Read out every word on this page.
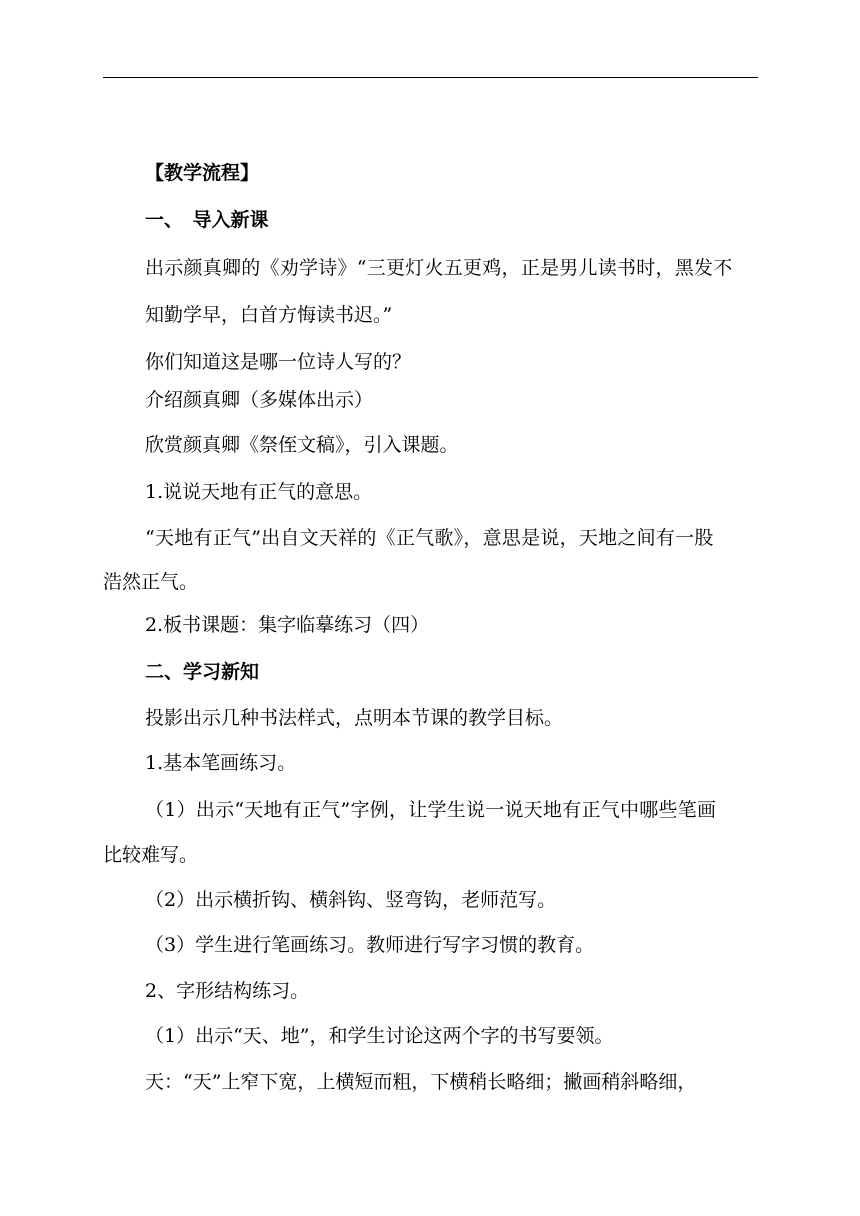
【教学流程】
一、　导入新课
出示颜真卿的《劝学诗》“三更灯火五更鸡，正是男儿读书时，黑发不
知勤学早，白首方悔读书迟。”
你们知道这是哪一位诗人写的？
介绍颜真卿（多媒体出示）
欣赏颜真卿《祭侄文稿》，引入课题。
1.说说天地有正气的意思。
“天地有正气”出自文天祥的《正气歌》，意思是说，天地之间有一股
浩然正气。
2.板书课题：集字临摹练习（四）
二、学习新知
投影出示几种书法样式，点明本节课的教学目标。
1.基本笔画练习。
（1）出示“天地有正气”字例，让学生说一说天地有正气中哪些笔画
比较难写。
（2）出示横折钩、横斜钩、竖弯钩，老师范写。
（3）学生进行笔画练习。教师进行写字习惯的教育。
2、字形结构练习。
（1）出示“天、地”，和学生讨论这两个字的书写要领。
天：“天”上窄下宽，上横短而粗，下横稍长略细；撇画稍斜略细，
